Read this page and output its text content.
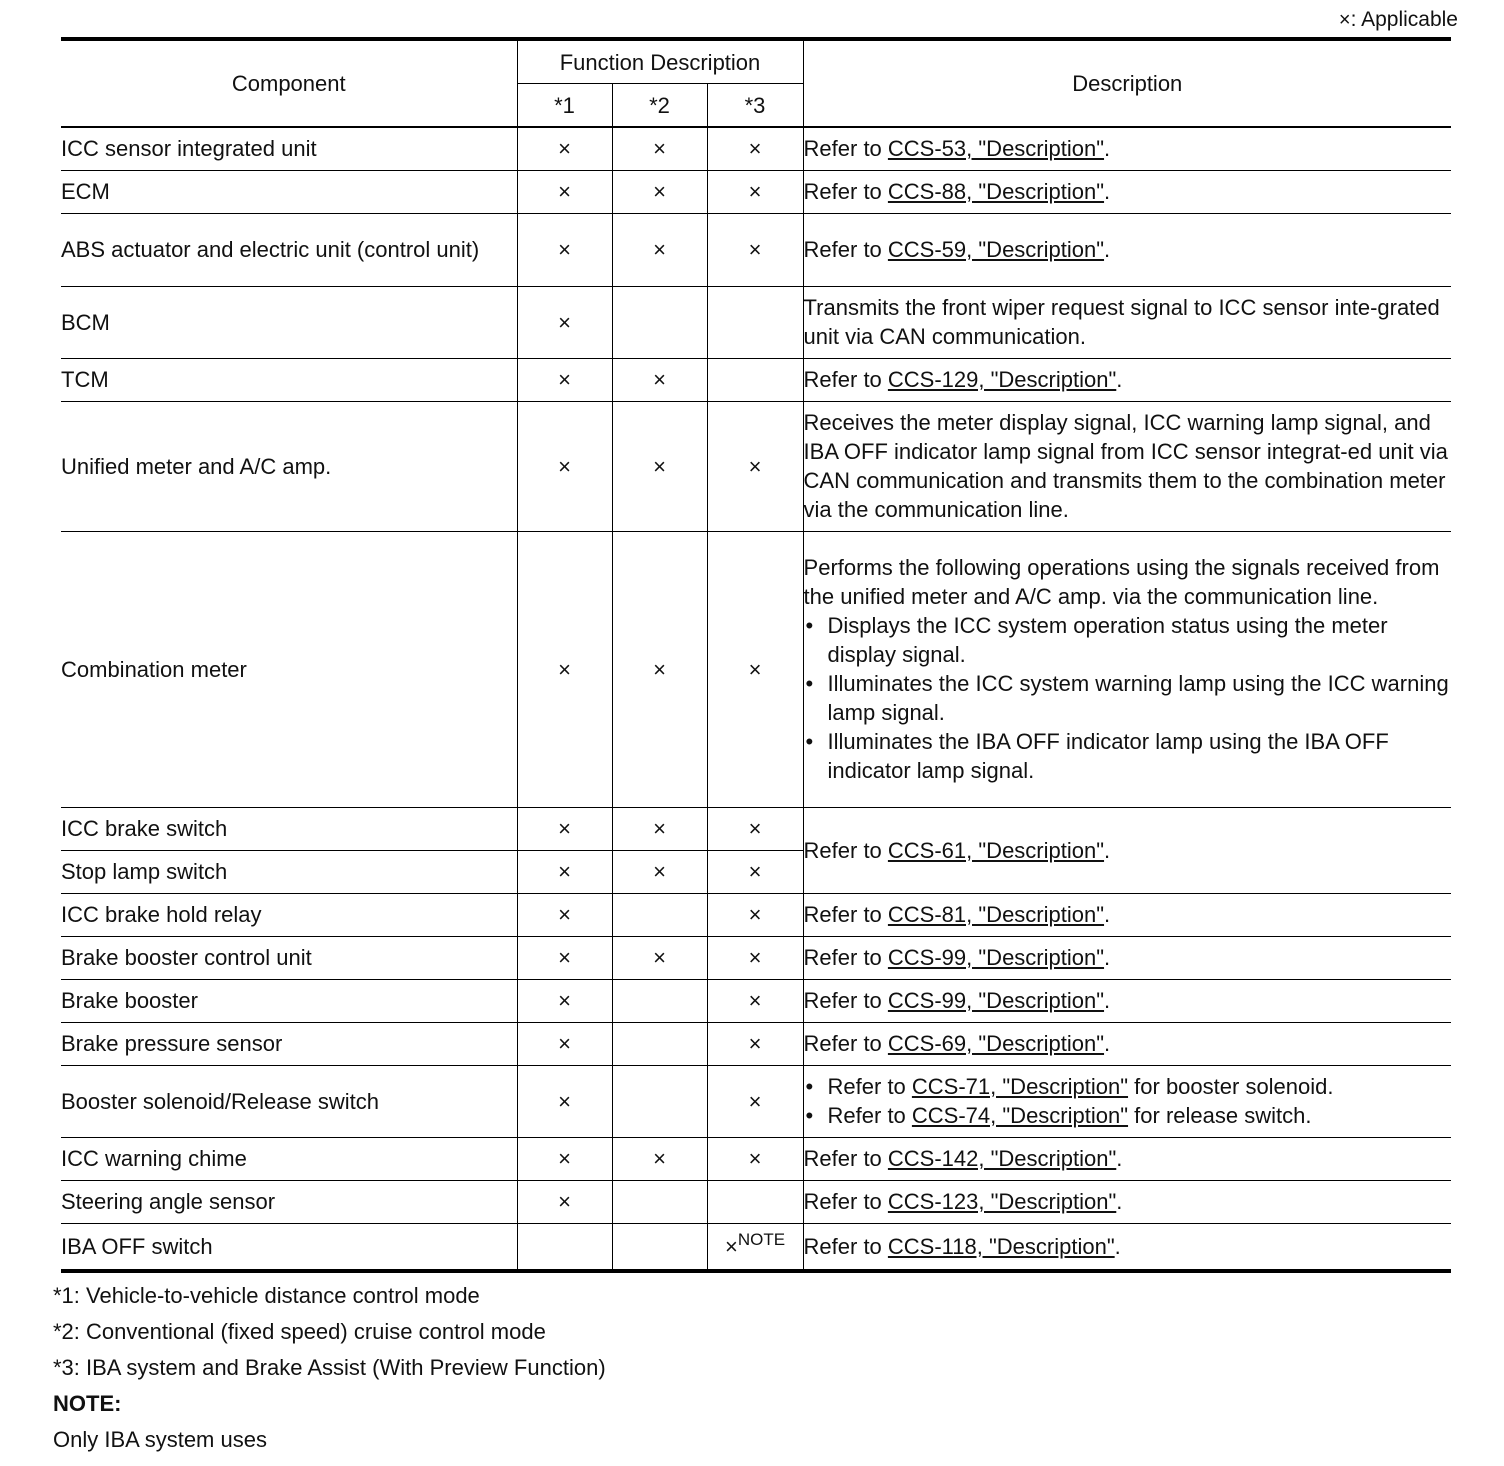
×: Applicable
Component	Function Description			Description
	*1	*2	*3	
ICC sensor integrated unit	×	×	×	Refer to CCS-53, "Description".
ECM	×	×	×	Refer to CCS-88, "Description".
ABS actuator and electric unit (control unit)	×	×	×	Refer to CCS-59, "Description".
BCM	×			Transmits the front wiper request signal to ICC sensor inte-grated unit via CAN communication.
TCM	×	×		Refer to CCS-129, "Description".
Unified meter and A/C amp.	×	×	×	Receives the meter display signal, ICC warning lamp signal, and IBA OFF indicator lamp signal from ICC sensor integrat-ed unit via CAN communication and transmits them to the combination meter via the communication line.
Combination meter	×	×	×	Performs the following operations using the signals received from the unified meter and A/C amp. via the communication line.
• Displays the ICC system operation status using the meter display signal.
• Illuminates the ICC system warning lamp using the ICC warning lamp signal.
• Illuminates the IBA OFF indicator lamp using the IBA OFF indicator lamp signal.

ICC brake switch	×	×	×	Refer to CCS-61, "Description".
Stop lamp switch	×	×	×	
ICC brake hold relay	×		×	Refer to CCS-81, "Description".
Brake booster control unit	×	×	×	Refer to CCS-99, "Description".
Brake booster	×		×	Refer to CCS-99, "Description".
Brake pressure sensor	×		×	Refer to CCS-69, "Description".
Booster solenoid/Release switch	×		×	• Refer to CCS-71, "Description" for booster solenoid.
• Refer to CCS-74, "Description" for release switch.

ICC warning chime	×	×	×	Refer to CCS-142, "Description".
Steering angle sensor	×			Refer to CCS-123, "Description".
IBA OFF switch			×$^{NOTE}$	Refer to CCS-118, "Description".
*1: Vehicle-to-vehicle distance control mode
*2: Conventional (fixed speed) cruise control mode
*3: IBA system and Brake Assist (With Preview Function)
NOTE:
Only IBA system uses
